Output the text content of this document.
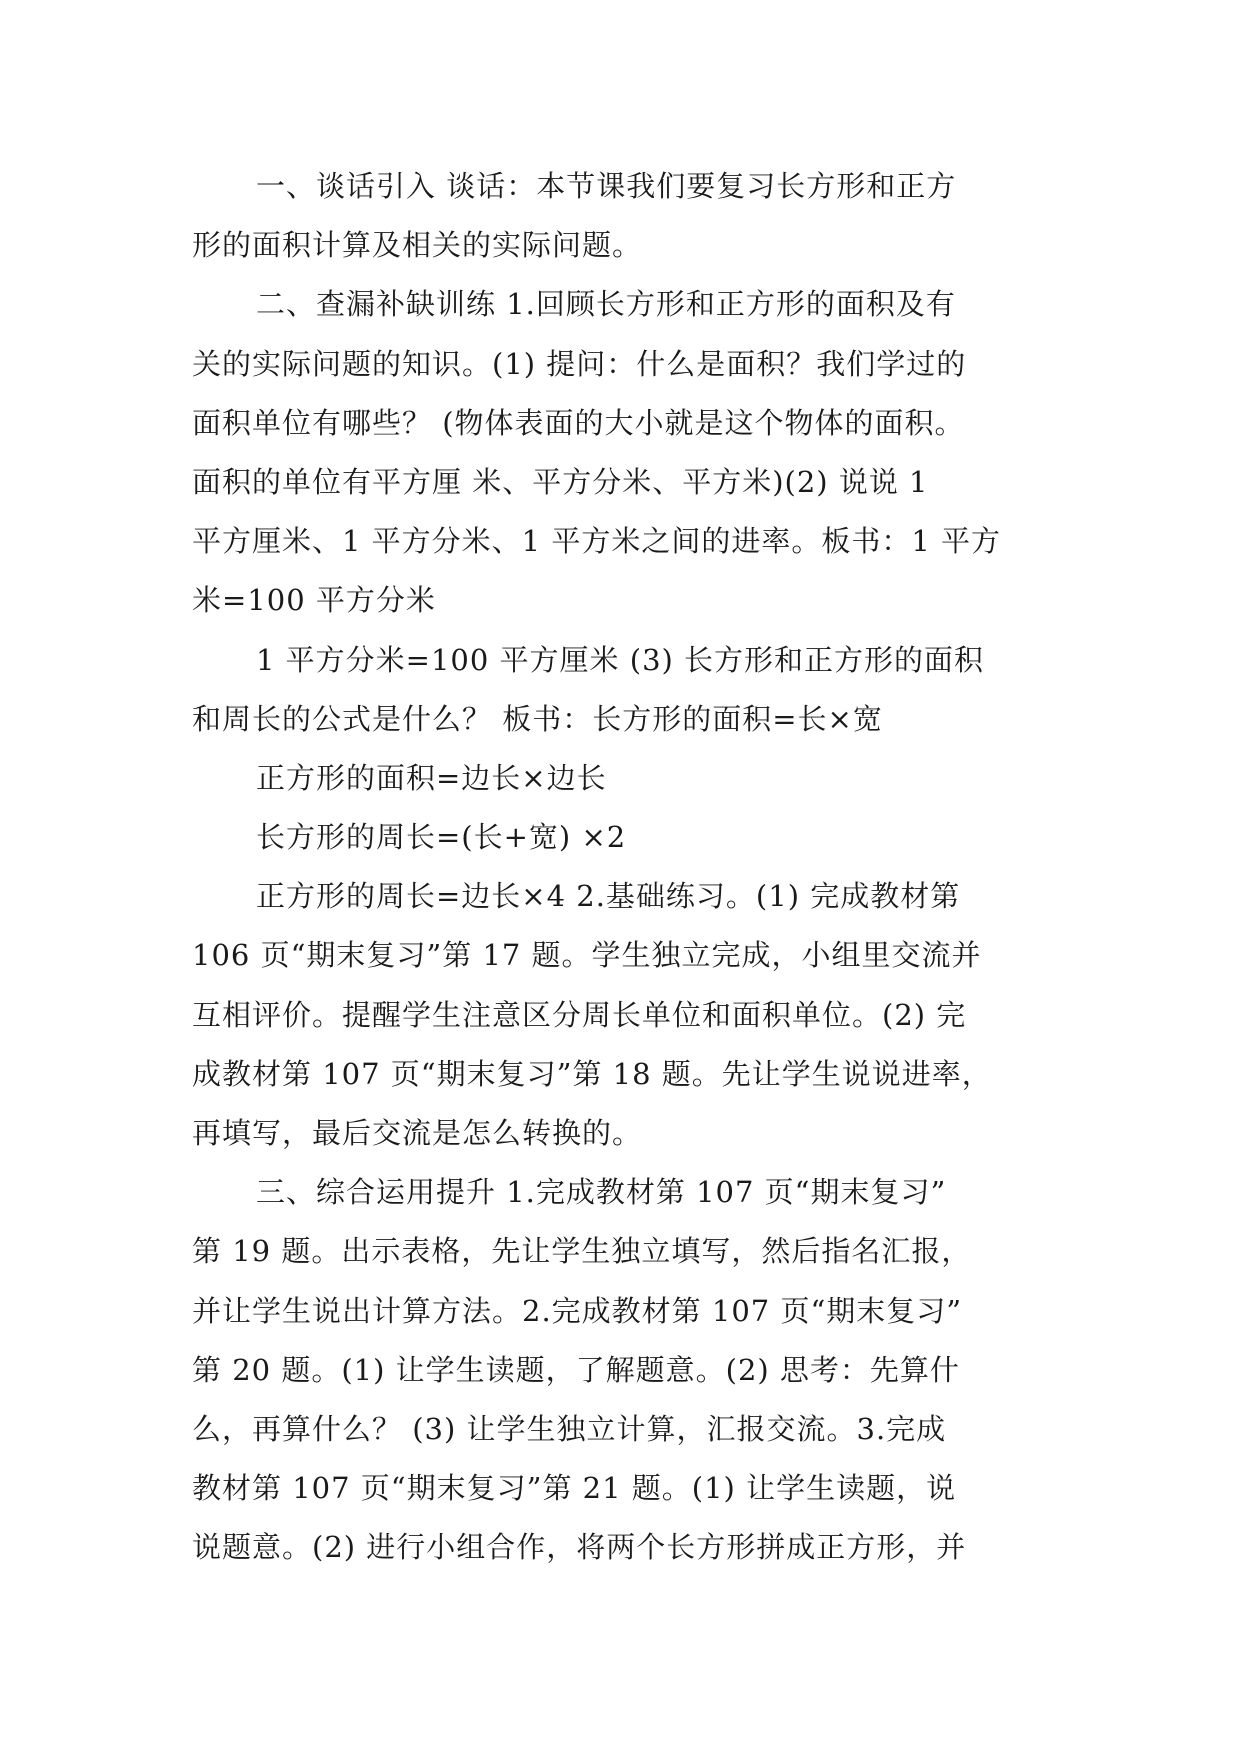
一、谈话引入 谈话：本节课我们要复习长方形和正方
形的面积计算及相关的实际问题。
二、查漏补缺训练 1.回顾长方形和正方形的面积及有
关的实际问题的知识。(1) 提问：什么是面积？我们学过的
面积单位有哪些？ (物体表面的大小就是这个物体的面积。
面积的单位有平方厘 米、平方分米、平方米)(2) 说说 1
平方厘米、1 平方分米、1 平方米之间的进率。板书：1 平方
米=100 平方分米
1 平方分米=100 平方厘米 (3) 长方形和正方形的面积
和周长的公式是什么？ 板书：长方形的面积=长×宽
正方形的面积=边长×边长
长方形的周长=(长+宽) ×2
正方形的周长=边长×4 2.基础练习。(1) 完成教材第
106 页“期末复习”第 17 题。学生独立完成，小组里交流并
互相评价。提醒学生注意区分周长单位和面积单位。(2) 完
成教材第 107 页“期末复习”第 18 题。先让学生说说进率，
再填写，最后交流是怎么转换的。
三、综合运用提升 1.完成教材第 107 页“期末复习”
第 19 题。出示表格，先让学生独立填写，然后指名汇报，
并让学生说出计算方法。2.完成教材第 107 页“期末复习”
第 20 题。(1) 让学生读题，了解题意。(2) 思考：先算什
么，再算什么？ (3) 让学生独立计算，汇报交流。3.完成
教材第 107 页“期末复习”第 21 题。(1) 让学生读题，说
说题意。(2) 进行小组合作，将两个长方形拼成正方形，并
